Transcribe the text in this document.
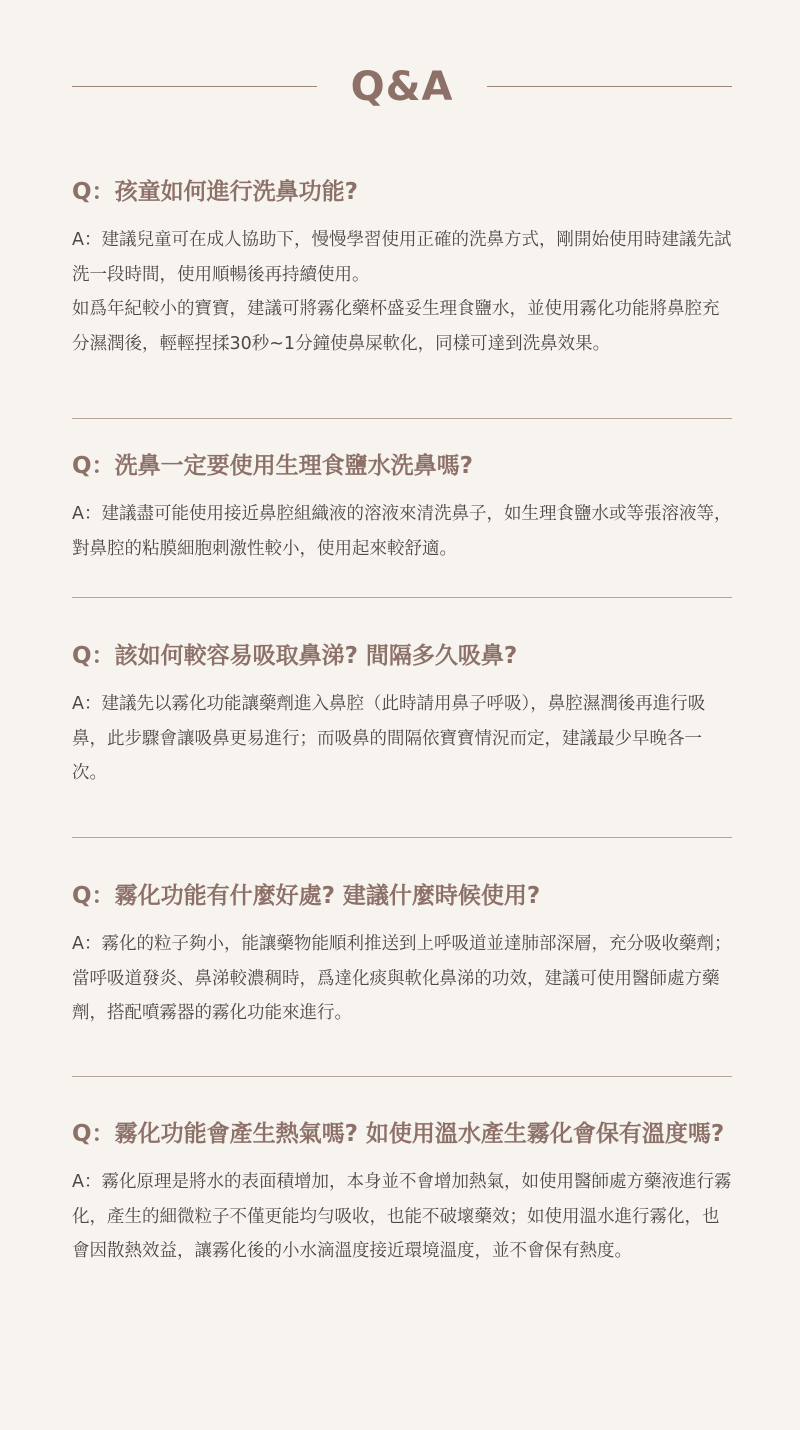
Q&A
Q： 孩童如何進行洗鼻功能?

A：建議兒童可在成人協助下，慢慢學習使用正確的洗鼻方式，剛開始使用時建議先試洗一段時間，使用順暢後再持續使用。

如爲年紀較小的寶寶，建議可將霧化藥杯盛妥生理食鹽水，並使用霧化功能將鼻腔充分濕潤後，輕輕捏揉30秒~1分鐘使鼻屎軟化，同樣可達到洗鼻效果。

Q： 洗鼻一定要使用生理食鹽水洗鼻嗎?

A：建議盡可能使用接近鼻腔組織液的溶液來清洗鼻子，如生理食鹽水或等張溶液等，對鼻腔的粘膜細胞刺激性較小，使用起來較舒適。

Q： 該如何較容易吸取鼻涕? 間隔多久吸鼻?

A：建議先以霧化功能讓藥劑進入鼻腔（此時請用鼻子呼吸），鼻腔濕潤後再進行吸鼻，此步驟會讓吸鼻更易進行；而吸鼻的間隔依寶寶情況而定，建議最少早晚各一次。

Q： 霧化功能有什麼好處? 建議什麼時候使用?

A：霧化的粒子夠小，能讓藥物能順利推送到上呼吸道並達肺部深層，充分吸收藥劑；當呼吸道發炎、鼻涕較濃稠時，爲達化痰與軟化鼻涕的功效，建議可使用醫師處方藥劑，搭配噴霧器的霧化功能來進行。

Q： 霧化功能會產生熱氣嗎? 如使用溫水產生霧化會保有溫度嗎?

A：霧化原理是將水的表面積增加，本身並不會增加熱氣，如使用醫師處方藥液進行霧化，產生的細微粒子不僅更能均勻吸收，也能不破壞藥效；如使用溫水進行霧化，也會因散熱效益，讓霧化後的小水滴溫度接近環境溫度，並不會保有熱度。
